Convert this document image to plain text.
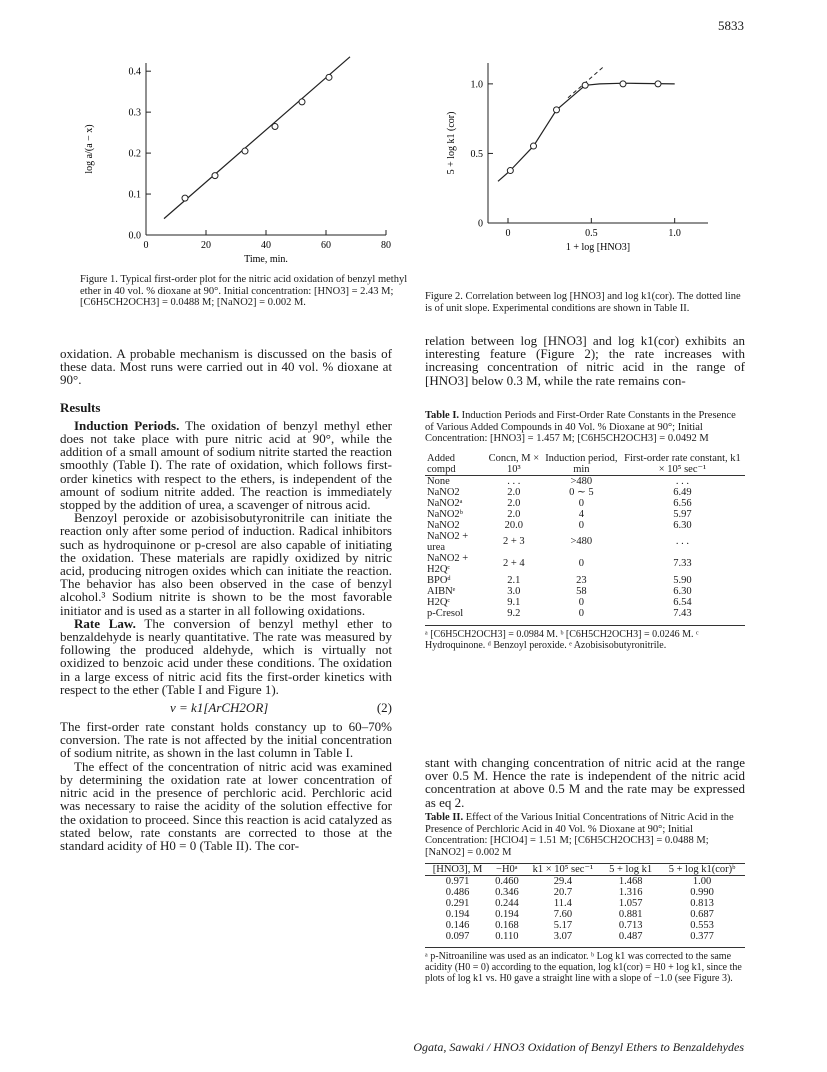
5833
0	20	40	60	80
0.0
0.1
0.2
0.3
0.4
Time, min.
log a/(a − x)
Figure 1. Typical first-order plot for the nitric acid oxidation of benzyl methyl ether in 40 vol. % dioxane at 90°. Initial concentration: [HNO3] = 2.43 M; [C6H5CH2OCH3] = 0.0488 M; [NaNO2] = 0.002 M.
0	0.5	1.0
0
0.5
1.0
1 + log [HNO3]
5 + log k1 (cor)
Figure 2. Correlation between log [HNO3] and log k1(cor). The dotted line is of unit slope. Experimental conditions are shown in Table II.

oxidation. A probable mechanism is discussed on the basis of these data. Most runs were carried out in 40 vol. % dioxane at 90°.

Results

Induction Periods. The oxidation of benzyl methyl ether does not take place with pure nitric acid at 90°, while the addition of a small amount of sodium nitrite started the reaction smoothly (Table I). The rate of oxidation, which follows first-order kinetics with respect to the ethers, is independent of the amount of sodium nitrite added. The reaction is immediately stopped by the addition of urea, a scavenger of nitrous acid.

Benzoyl peroxide or azobisisobutyronitrile can initiate the reaction only after some period of induction. Radical inhibitors such as hydroquinone or p-cresol are also capable of initiating the oxidation. These materials are rapidly oxidized by nitric acid, producing nitrogen oxides which can initiate the reaction. The behavior has also been observed in the case of benzyl alcohol.³ Sodium nitrite is shown to be the most favorable initiator and is used as a starter in all following oxidations.

Rate Law. The conversion of benzyl methyl ether to benzaldehyde is nearly quantitative. The rate was measured by following the produced aldehyde, which is virtually not oxidized to benzoic acid under these conditions. The oxidation in a large excess of nitric acid fits the first-order kinetics with respect to the ether (Table I and Figure 1).

v = k1[ArCH2OR]	(2)

The first-order rate constant holds constancy up to 60–70% conversion. The rate is not affected by the initial concentration of sodium nitrite, as shown in the last column in Table I.

The effect of the concentration of nitric acid was examined by determining the oxidation rate at lower concentration of nitric acid in the presence of perchloric acid. Perchloric acid was necessary to raise the acidity of the solution effective for the oxidation to proceed. Since this reaction is acid catalyzed as stated below, rate constants are corrected to those at the standard acidity of H0 = 0 (Table II). The cor-

relation between log [HNO3] and log k1(cor) exhibits an interesting feature (Figure 2); the rate increases with increasing concentration of nitric acid in the range of [HNO3] below 0.3 M, while the rate remains con-

Table I. Induction Periods and First-Order Rate Constants in the Presence of Various Added Compounds in 40 Vol. % Dioxane at 90°; Initial Concentration: [HNO3] = 1.457 M; [C6H5CH2OCH3] = 0.0492 M
Added compd	Concn, M × 10³	Induction period, min	First-order rate constant, k1 × 10⁵ sec⁻¹
None	. . .	>480	. . .
NaNO2	2.0	0 ∼ 5	6.49
NaNO2ᵃ	2.0	0	6.56
NaNO2ᵇ	2.0	4	5.97
NaNO2	20.0	0	6.30
NaNO2 + urea	2 + 3	>480	. . .
NaNO2 + H2Qᶜ	2 + 4	0	7.33
BPOᵈ	2.1	23	5.90
AIBNᵉ	3.0	58	6.30
H2Qᶜ	9.1	0	6.54
p-Cresol	9.2	0	7.43
ᵃ [C6H5CH2OCH3] = 0.0984 M. ᵇ [C6H5CH2OCH3] = 0.0246 M. ᶜ Hydroquinone. ᵈ Benzoyl peroxide. ᵉ Azobisisobutyronitrile.

stant with changing concentration of nitric acid at the range over 0.5 M. Hence the rate is independent of the nitric acid concentration at above 0.5 M and the rate may be expressed as eq 2.

Table II. Effect of the Various Initial Concentrations of Nitric Acid in the Presence of Perchloric Acid in 40 Vol. % Dioxane at 90°; Initial Concentration: [HClO4] = 1.51 M; [C6H5CH2OCH3] = 0.0488 M; [NaNO2] = 0.002 M
[HNO3], M	−H0ᵃ	k1 × 10⁵ sec⁻¹	5 + log k1	5 + log k1(cor)ᵇ
0.971	0.460	29.4	1.468	1.00
0.486	0.346	20.7	1.316	0.990
0.291	0.244	11.4	1.057	0.813
0.194	0.194	7.60	0.881	0.687
0.146	0.168	5.17	0.713	0.553
0.097	0.110	3.07	0.487	0.377
ᵃ p-Nitroaniline was used as an indicator. ᵇ Log k1 was corrected to the same acidity (H0 = 0) according to the equation, log k1(cor) = H0 + log k1, since the plots of log k1 vs. H0 gave a straight line with a slope of −1.0 (see Figure 3).
Ogata, Sawaki / HNO3 Oxidation of Benzyl Ethers to Benzaldehydes
